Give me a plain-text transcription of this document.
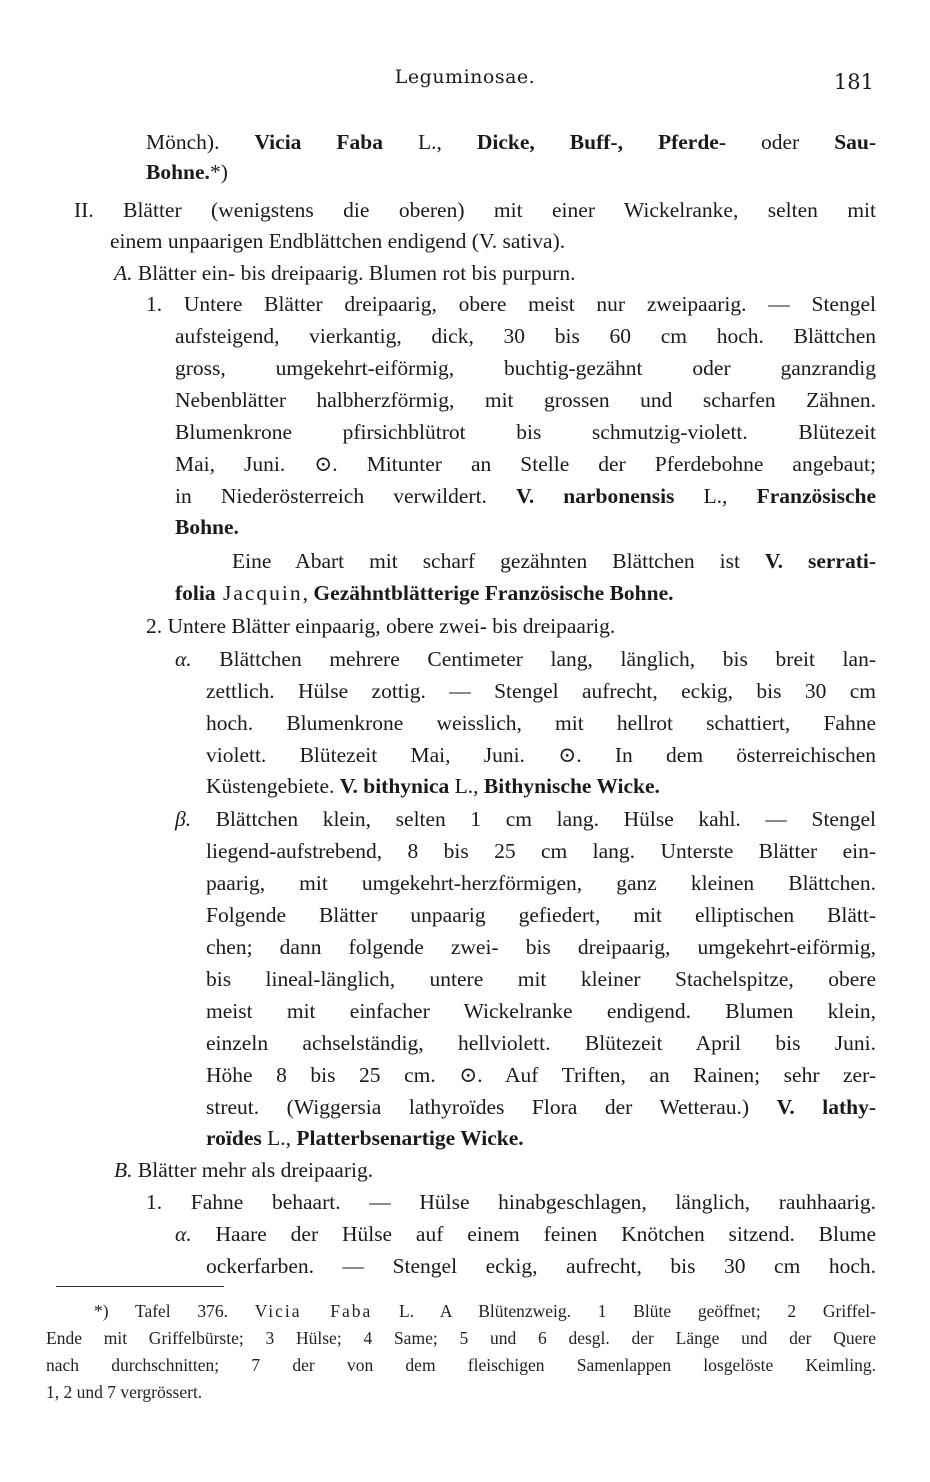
Leguminosae.	181
Mönch). Vicia Faba L., Dicke, Buff-, Pferde- oder Sau-
Bohne.*)
II. Blätter (wenigstens die oberen) mit einer Wickelranke, selten mit
einem unpaarigen Endblättchen endigend (V. sativa).
A. Blätter ein- bis dreipaarig. Blumen rot bis purpurn.
1. Untere Blätter dreipaarig, obere meist nur zweipaarig. — Stengel
aufsteigend, vierkantig, dick, 30 bis 60 cm hoch. Blättchen
gross, umgekehrt-eiförmig, buchtig-gezähnt oder ganzrandig
Nebenblätter halbherzförmig, mit grossen und scharfen Zähnen.
Blumenkrone pfirsichblütrot bis schmutzig-violett. Blütezeit
Mai, Juni. ⊙. Mitunter an Stelle der Pferdebohne angebaut;
in Niederösterreich verwildert. V. narbonensis L., Französische
Bohne.
Eine Abart mit scharf gezähnten Blättchen ist V. serrati-
folia Jacquin, Gezähntblätterige Französische Bohne.
2. Untere Blätter einpaarig, obere zwei- bis dreipaarig.
α. Blättchen mehrere Centimeter lang, länglich, bis breit lan-
zettlich. Hülse zottig. — Stengel aufrecht, eckig, bis 30 cm
hoch. Blumenkrone weisslich, mit hellrot schattiert, Fahne
violett. Blütezeit Mai, Juni. ⊙. In dem österreichischen
Küstengebiete. V. bithynica L., Bithynische Wicke.
β. Blättchen klein, selten 1 cm lang. Hülse kahl. — Stengel
liegend-aufstrebend, 8 bis 25 cm lang. Unterste Blätter ein-
paarig, mit umgekehrt-herzförmigen, ganz kleinen Blättchen.
Folgende Blätter unpaarig gefiedert, mit elliptischen Blätt-
chen; dann folgende zwei- bis dreipaarig, umgekehrt-eiförmig,
bis lineal-länglich, untere mit kleiner Stachelspitze, obere
meist mit einfacher Wickelranke endigend. Blumen klein,
einzeln achselständig, hellviolett. Blütezeit April bis Juni.
Höhe 8 bis 25 cm. ⊙. Auf Triften, an Rainen; sehr zer-
streut. (Wiggersia lathyroïdes Flora der Wetterau.) V. lathy-
roïdes L., Platterbsenartige Wicke.
B. Blätter mehr als dreipaarig.
1. Fahne behaart. — Hülse hinabgeschlagen, länglich, rauhhaarig.
α. Haare der Hülse auf einem feinen Knötchen sitzend. Blume
ockerfarben. — Stengel eckig, aufrecht, bis 30 cm hoch.
*) Tafel 376. Vicia Faba L. A Blütenzweig. 1 Blüte geöffnet; 2 Griffel-
Ende mit Griffelbürste; 3 Hülse; 4 Same; 5 und 6 desgl. der Länge und der Quere
nach durchschnitten; 7 der von dem fleischigen Samenlappen losgelöste Keimling.
1, 2 und 7 vergrössert.
